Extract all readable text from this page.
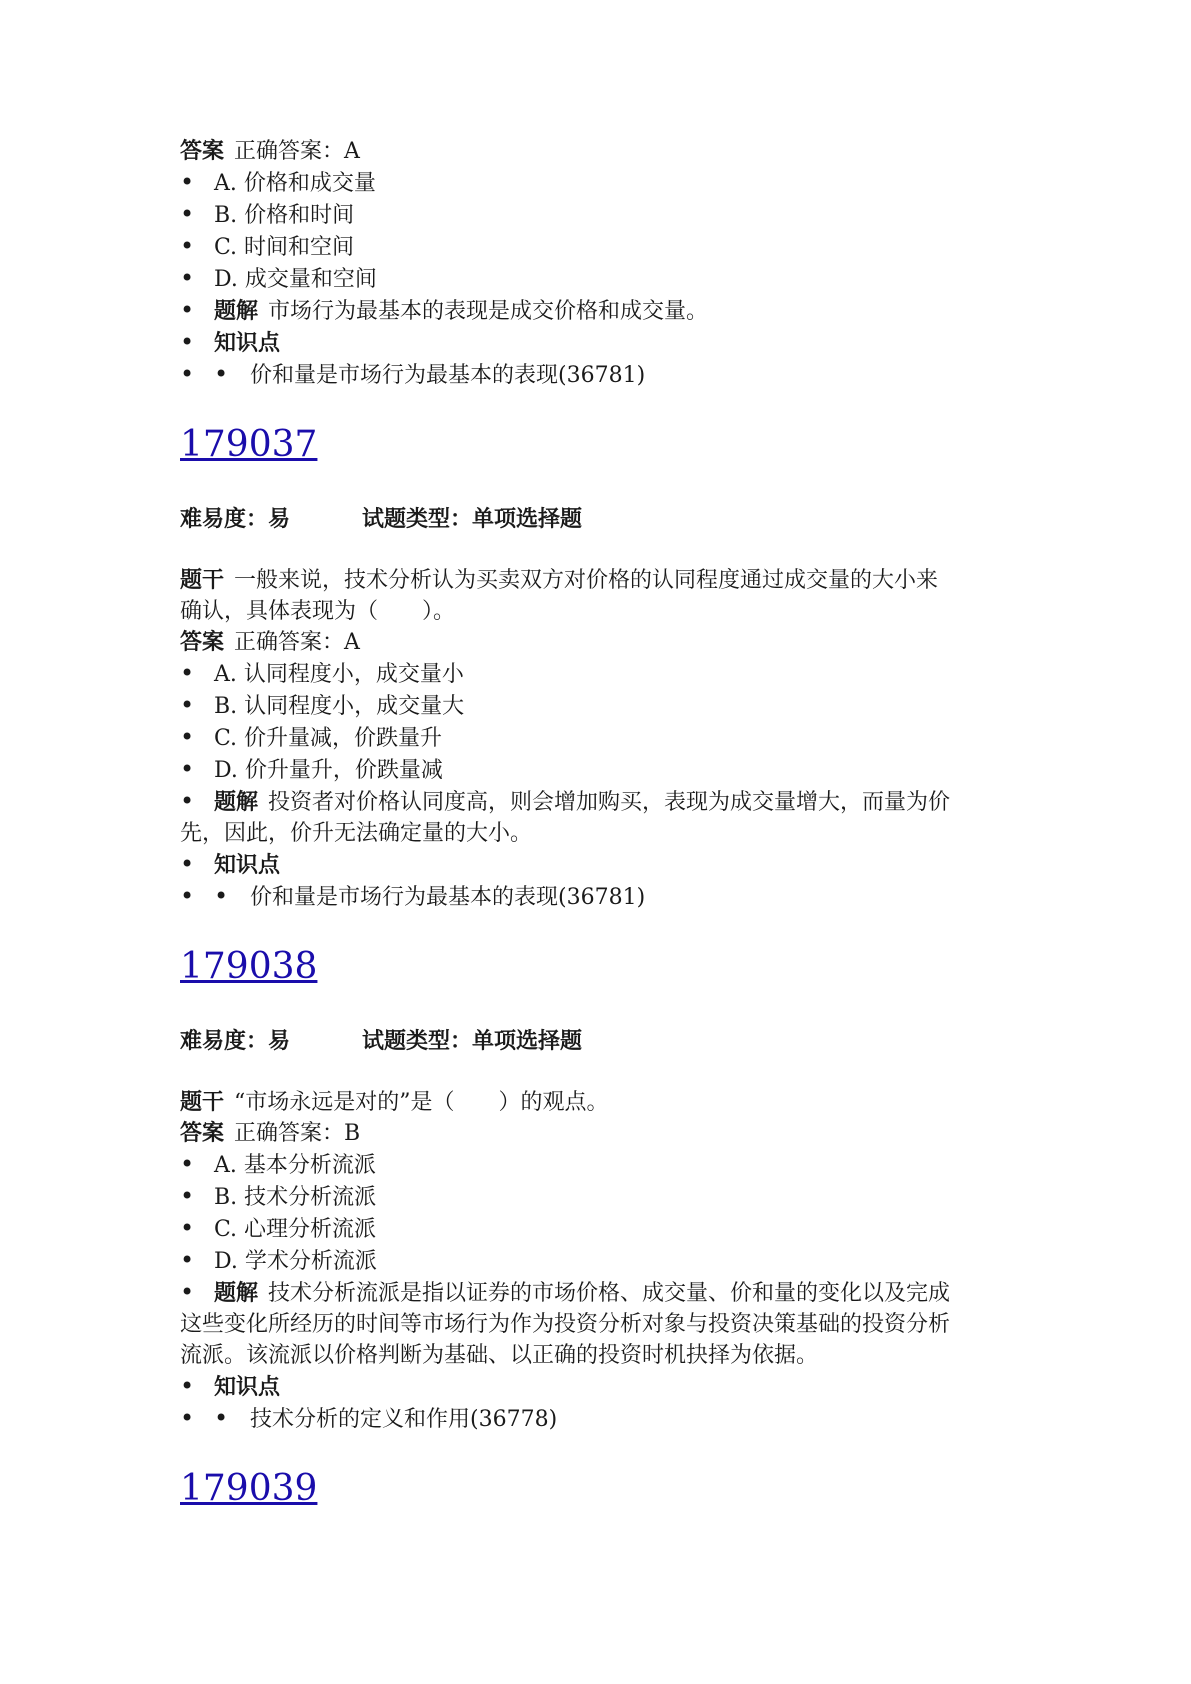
答案 正确答案：A
•A. 价格和成交量
•B. 价格和时间
•C. 时间和空间
•D. 成交量和空间
•题解 市场行为最基本的表现是成交价格和成交量。
•知识点
••价和量是市场行为最基本的表现(36781)
179037
难易度：易	试题类型：单项选择题
题干 一般来说，技术分析认为买卖双方对价格的认同程度通过成交量的大小来确认，具体表现为（　　）。
答案 正确答案：A
•A. 认同程度小，成交量小
•B. 认同程度小，成交量大
•C. 价升量减，价跌量升
•D. 价升量升，价跌量减
•题解 投资者对价格认同度高，则会增加购买，表现为成交量增大，而量为价先，因此，价升无法确定量的大小。
•知识点
••价和量是市场行为最基本的表现(36781)
179038
难易度：易	试题类型：单项选择题
题干 “市场永远是对的”是（　　）的观点。
答案 正确答案：B
•A. 基本分析流派
•B. 技术分析流派
•C. 心理分析流派
•D. 学术分析流派
•题解 技术分析流派是指以证券的市场价格、成交量、价和量的变化以及完成这些变化所经历的时间等市场行为作为投资分析对象与投资决策基础的投资分析流派。该流派以价格判断为基础、以正确的投资时机抉择为依据。
•知识点
••技术分析的定义和作用(36778)
179039
